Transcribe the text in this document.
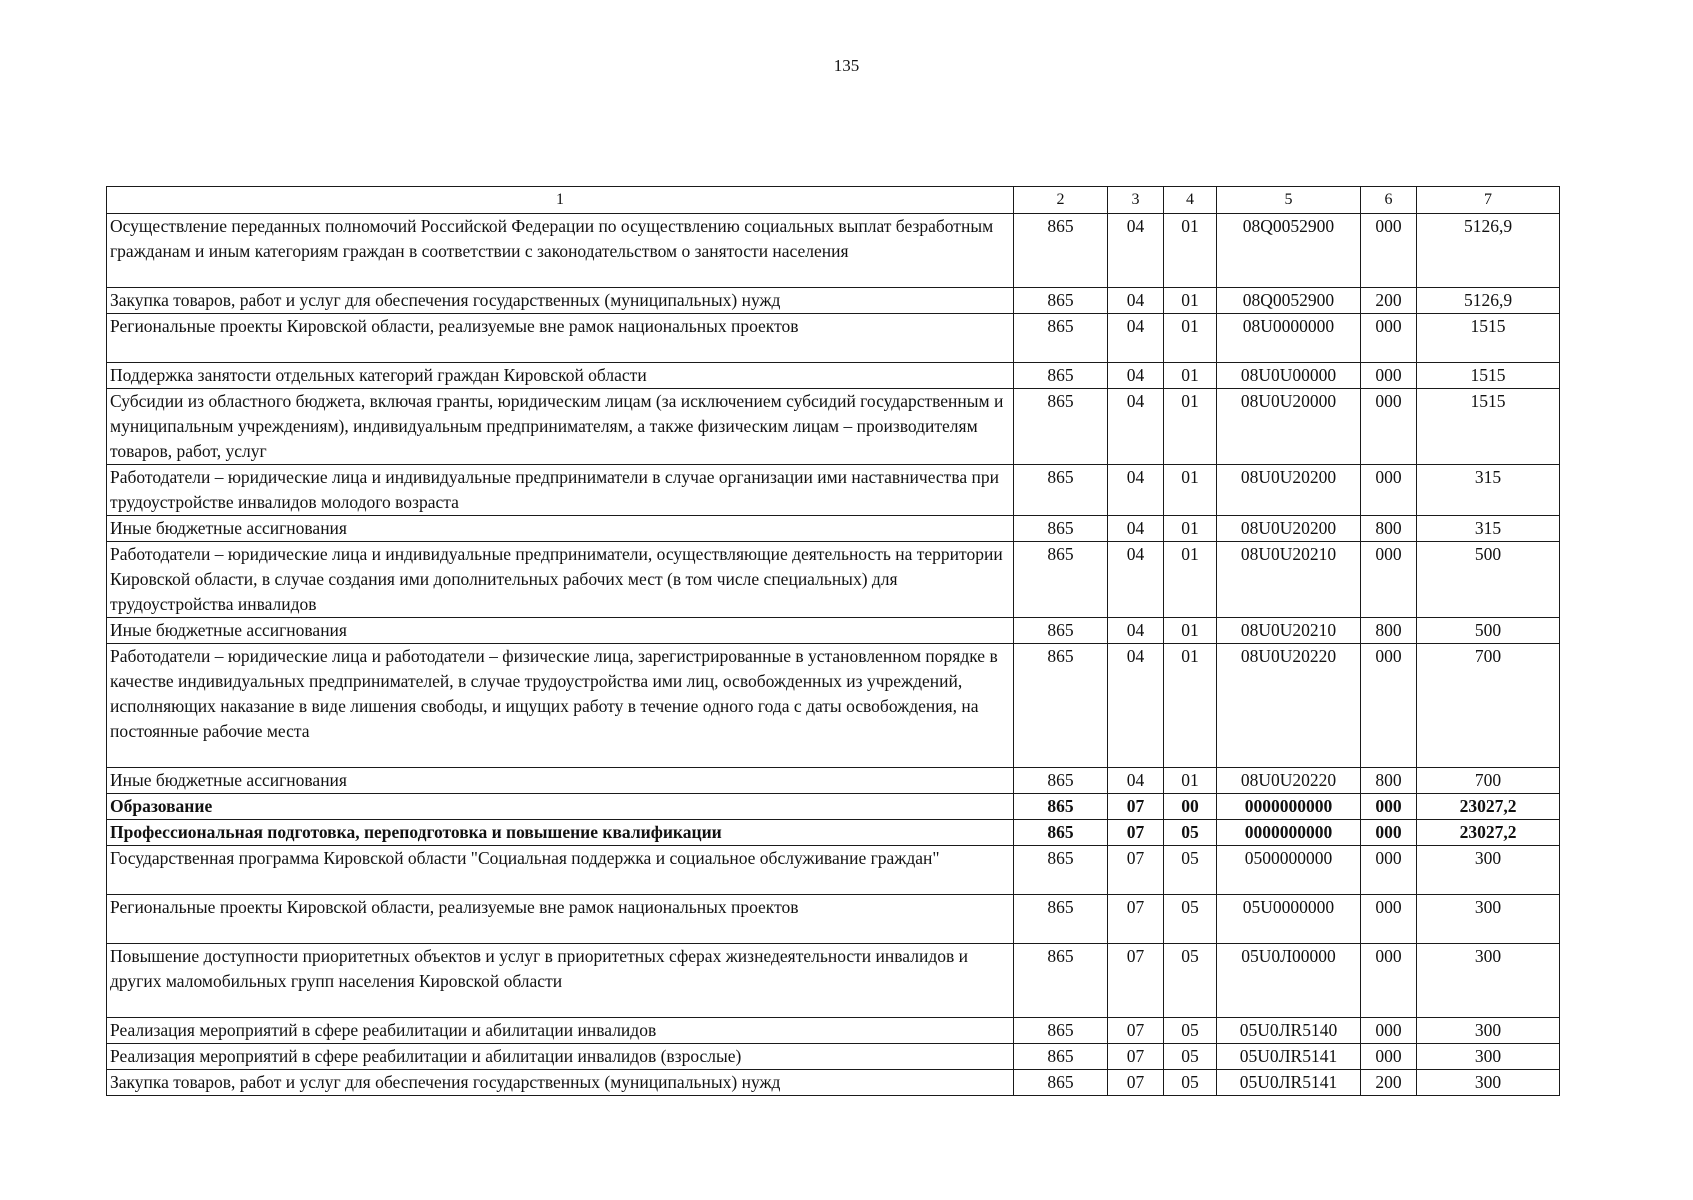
135
1	2	3	4	5	6	7
Осуществление переданных полномочий Российской Федерации по осуществлению социальных выплат безработным гражданам и иным категориям граждан в соответствии с законодательством о занятости населения	865	04	01	08Q0052900	000	5126,9
Закупка товаров, работ и услуг для обеспечения государственных (муниципальных) нужд	865	04	01	08Q0052900	200	5126,9
Региональные проекты Кировской области, реализуемые вне рамок национальных проектов	865	04	01	08U0000000	000	1515
Поддержка занятости отдельных категорий граждан Кировской области	865	04	01	08U0U00000	000	1515
Субсидии из областного бюджета, включая гранты, юридическим лицам (за исключением субсидий государственным и муниципальным учреждениям), индивидуальным предпринимателям, а также физическим лицам – производителям товаров, работ, услуг	865	04	01	08U0U20000	000	1515
Работодатели – юридические лица и индивидуальные предприниматели в случае организации ими наставничества при трудоустройстве инвалидов молодого возраста	865	04	01	08U0U20200	000	315
Иные бюджетные ассигнования	865	04	01	08U0U20200	800	315
Работодатели – юридические лица и индивидуальные предприниматели, осуществляющие деятельность на территории Кировской области, в случае создания ими дополнительных рабочих мест (в том числе специальных) для трудоустройства инвалидов	865	04	01	08U0U20210	000	500
Иные бюджетные ассигнования	865	04	01	08U0U20210	800	500
Работодатели – юридические лица и работодатели – физические лица, зарегистрированные в установленном порядке в качестве индивидуальных предпринимателей, в случае трудоустройства ими лиц, освобожденных из учреждений, исполняющих наказание в виде лишения свободы, и ищущих работу в течение одного года с даты освобождения, на постоянные рабочие места	865	04	01	08U0U20220	000	700
Иные бюджетные ассигнования	865	04	01	08U0U20220	800	700
Образование	865	07	00	0000000000	000	23027,2
Профессиональная подготовка, переподготовка и повышение квалификации	865	07	05	0000000000	000	23027,2
Государственная программа Кировской области "Социальная поддержка и социальное обслуживание граждан"	865	07	05	0500000000	000	300
Региональные проекты Кировской области, реализуемые вне рамок национальных проектов	865	07	05	05U0000000	000	300
Повышение доступности приоритетных объектов и услуг в приоритетных сферах жизнедеятельности инвалидов и других маломобильных групп населения Кировской области	865	07	05	05U0Л00000	000	300
Реализация мероприятий в сфере реабилитации и абилитации инвалидов	865	07	05	05U0ЛR5140	000	300
Реализация мероприятий в сфере реабилитации и абилитации инвалидов (взрослые)	865	07	05	05U0ЛR5141	000	300
Закупка товаров, работ и услуг для обеспечения государственных (муниципальных) нужд	865	07	05	05U0ЛR5141	200	300
